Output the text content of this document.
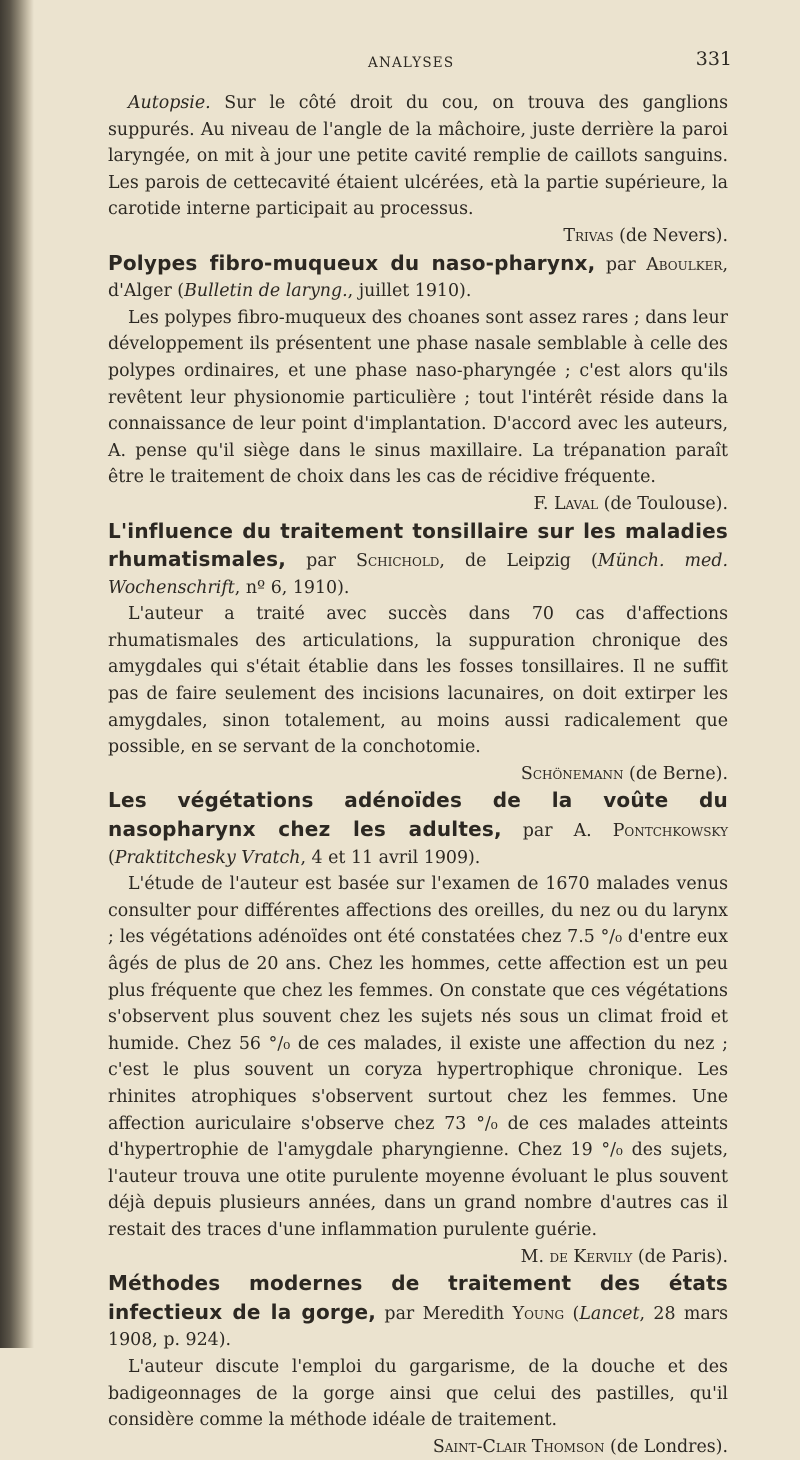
ANALYSES	331

Autopsie. Sur le côté droit du cou, on trouva des ganglions suppurés. Au niveau de l'angle de la mâchoire, juste derrière la paroi laryngée, on mit à jour une petite cavité remplie de caillots sanguins. Les parois de cettecavité étaient ulcérées, età la partie supérieure, la carotide interne participait au processus.

Trivas (de Nevers).

Polypes fibro-muqueux du naso-pharynx, par Aboulker, d'Alger (Bulletin de laryng., juillet 1910).

Les polypes fibro-muqueux des choanes sont assez rares ; dans leur développement ils présentent une phase nasale semblable à celle des polypes ordinaires, et une phase naso-pharyngée ; c'est alors qu'ils revêtent leur physionomie particulière ; tout l'intérêt réside dans la connaissance de leur point d'implantation. D'accord avec les auteurs, A. pense qu'il siège dans le sinus maxillaire. La trépanation paraît être le traitement de choix dans les cas de récidive fréquente.

F. Laval (de Toulouse).

L'influence du traitement tonsillaire sur les maladies rhumatismales, par Schichold, de Leipzig (Münch. med. Wochenschrift, nº 6, 1910).

L'auteur a traité avec succès dans 70 cas d'affections rhumatismales des articulations, la suppuration chronique des amygdales qui s'était établie dans les fosses tonsillaires. Il ne suffit pas de faire seulement des incisions lacunaires, on doit extirper les amygdales, sinon totalement, au moins aussi radicalement que possible, en se servant de la conchotomie.

Schönemann (de Berne).

Les végétations adénoïdes de la voûte du nasopharynx chez les adultes, par A. Pontchkowsky (Praktitchesky Vratch, 4 et 11 avril 1909).

L'étude de l'auteur est basée sur l'examen de 1670 malades venus consulter pour différentes affections des oreilles, du nez ou du larynx ; les végétations adénoïdes ont été constatées chez 7.5 °/₀ d'entre eux âgés de plus de 20 ans. Chez les hommes, cette affection est un peu plus fréquente que chez les femmes. On constate que ces végétations s'observent plus souvent chez les sujets nés sous un climat froid et humide. Chez 56 °/₀ de ces malades, il existe une affection du nez ; c'est le plus souvent un coryza hypertrophique chronique. Les rhinites atrophiques s'observent surtout chez les femmes. Une affection auriculaire s'observe chez 73 °/₀ de ces malades atteints d'hypertrophie de l'amygdale pharyngienne. Chez 19 °/₀ des sujets, l'auteur trouva une otite purulente moyenne évoluant le plus souvent déjà depuis plusieurs années, dans un grand nombre d'autres cas il restait des traces d'une inflammation purulente guérie.

M. de Kervily (de Paris).

Méthodes modernes de traitement des états infectieux de la gorge, par Meredith Young (Lancet, 28 mars 1908, p. 924).

L'auteur discute l'emploi du gargarisme, de la douche et des badigeonnages de la gorge ainsi que celui des pastilles, qu'il considère comme la méthode idéale de traitement.

Saint-Clair Thomson (de Londres).
